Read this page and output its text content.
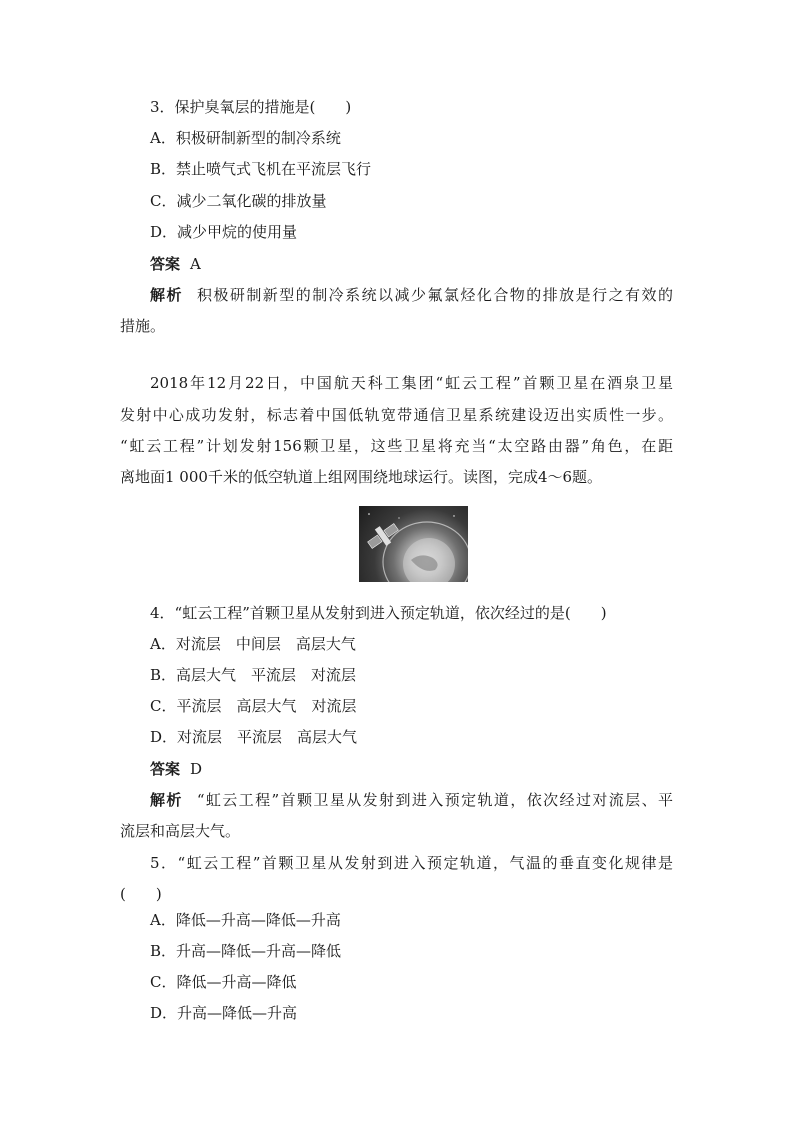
3．保护臭氧层的措施是(　　)
A．积极研制新型的制冷系统
B．禁止喷气式飞机在平流层飞行
C．减少二氧化碳的排放量
D．减少甲烷的使用量
答案 A
解析 积极研制新型的制冷系统以减少氟氯烃化合物的排放是行之有效的
措施。
2018年12月22日，中国航天科工集团“虹云工程”首颗卫星在酒泉卫星
发射中心成功发射，标志着中国低轨宽带通信卫星系统建设迈出实质性一步。
“虹云工程”计划发射156颗卫星，这些卫星将充当“太空路由器”角色，在距
离地面1 000千米的低空轨道上组网围绕地球运行。读图，完成4～6题。
4．“虹云工程”首颗卫星从发射到进入预定轨道，依次经过的是(　　)
A．对流层　中间层　高层大气
B．高层大气　平流层　对流层
C．平流层　高层大气　对流层
D．对流层　平流层　高层大气
答案 D
解析 “虹云工程”首颗卫星从发射到进入预定轨道，依次经过对流层、平
流层和高层大气。
5．“虹云工程”首颗卫星从发射到进入预定轨道，气温的垂直变化规律是
(　　)
A．降低—升高—降低—升高
B．升高—降低—升高—降低
C．降低—升高—降低
D．升高—降低—升高
